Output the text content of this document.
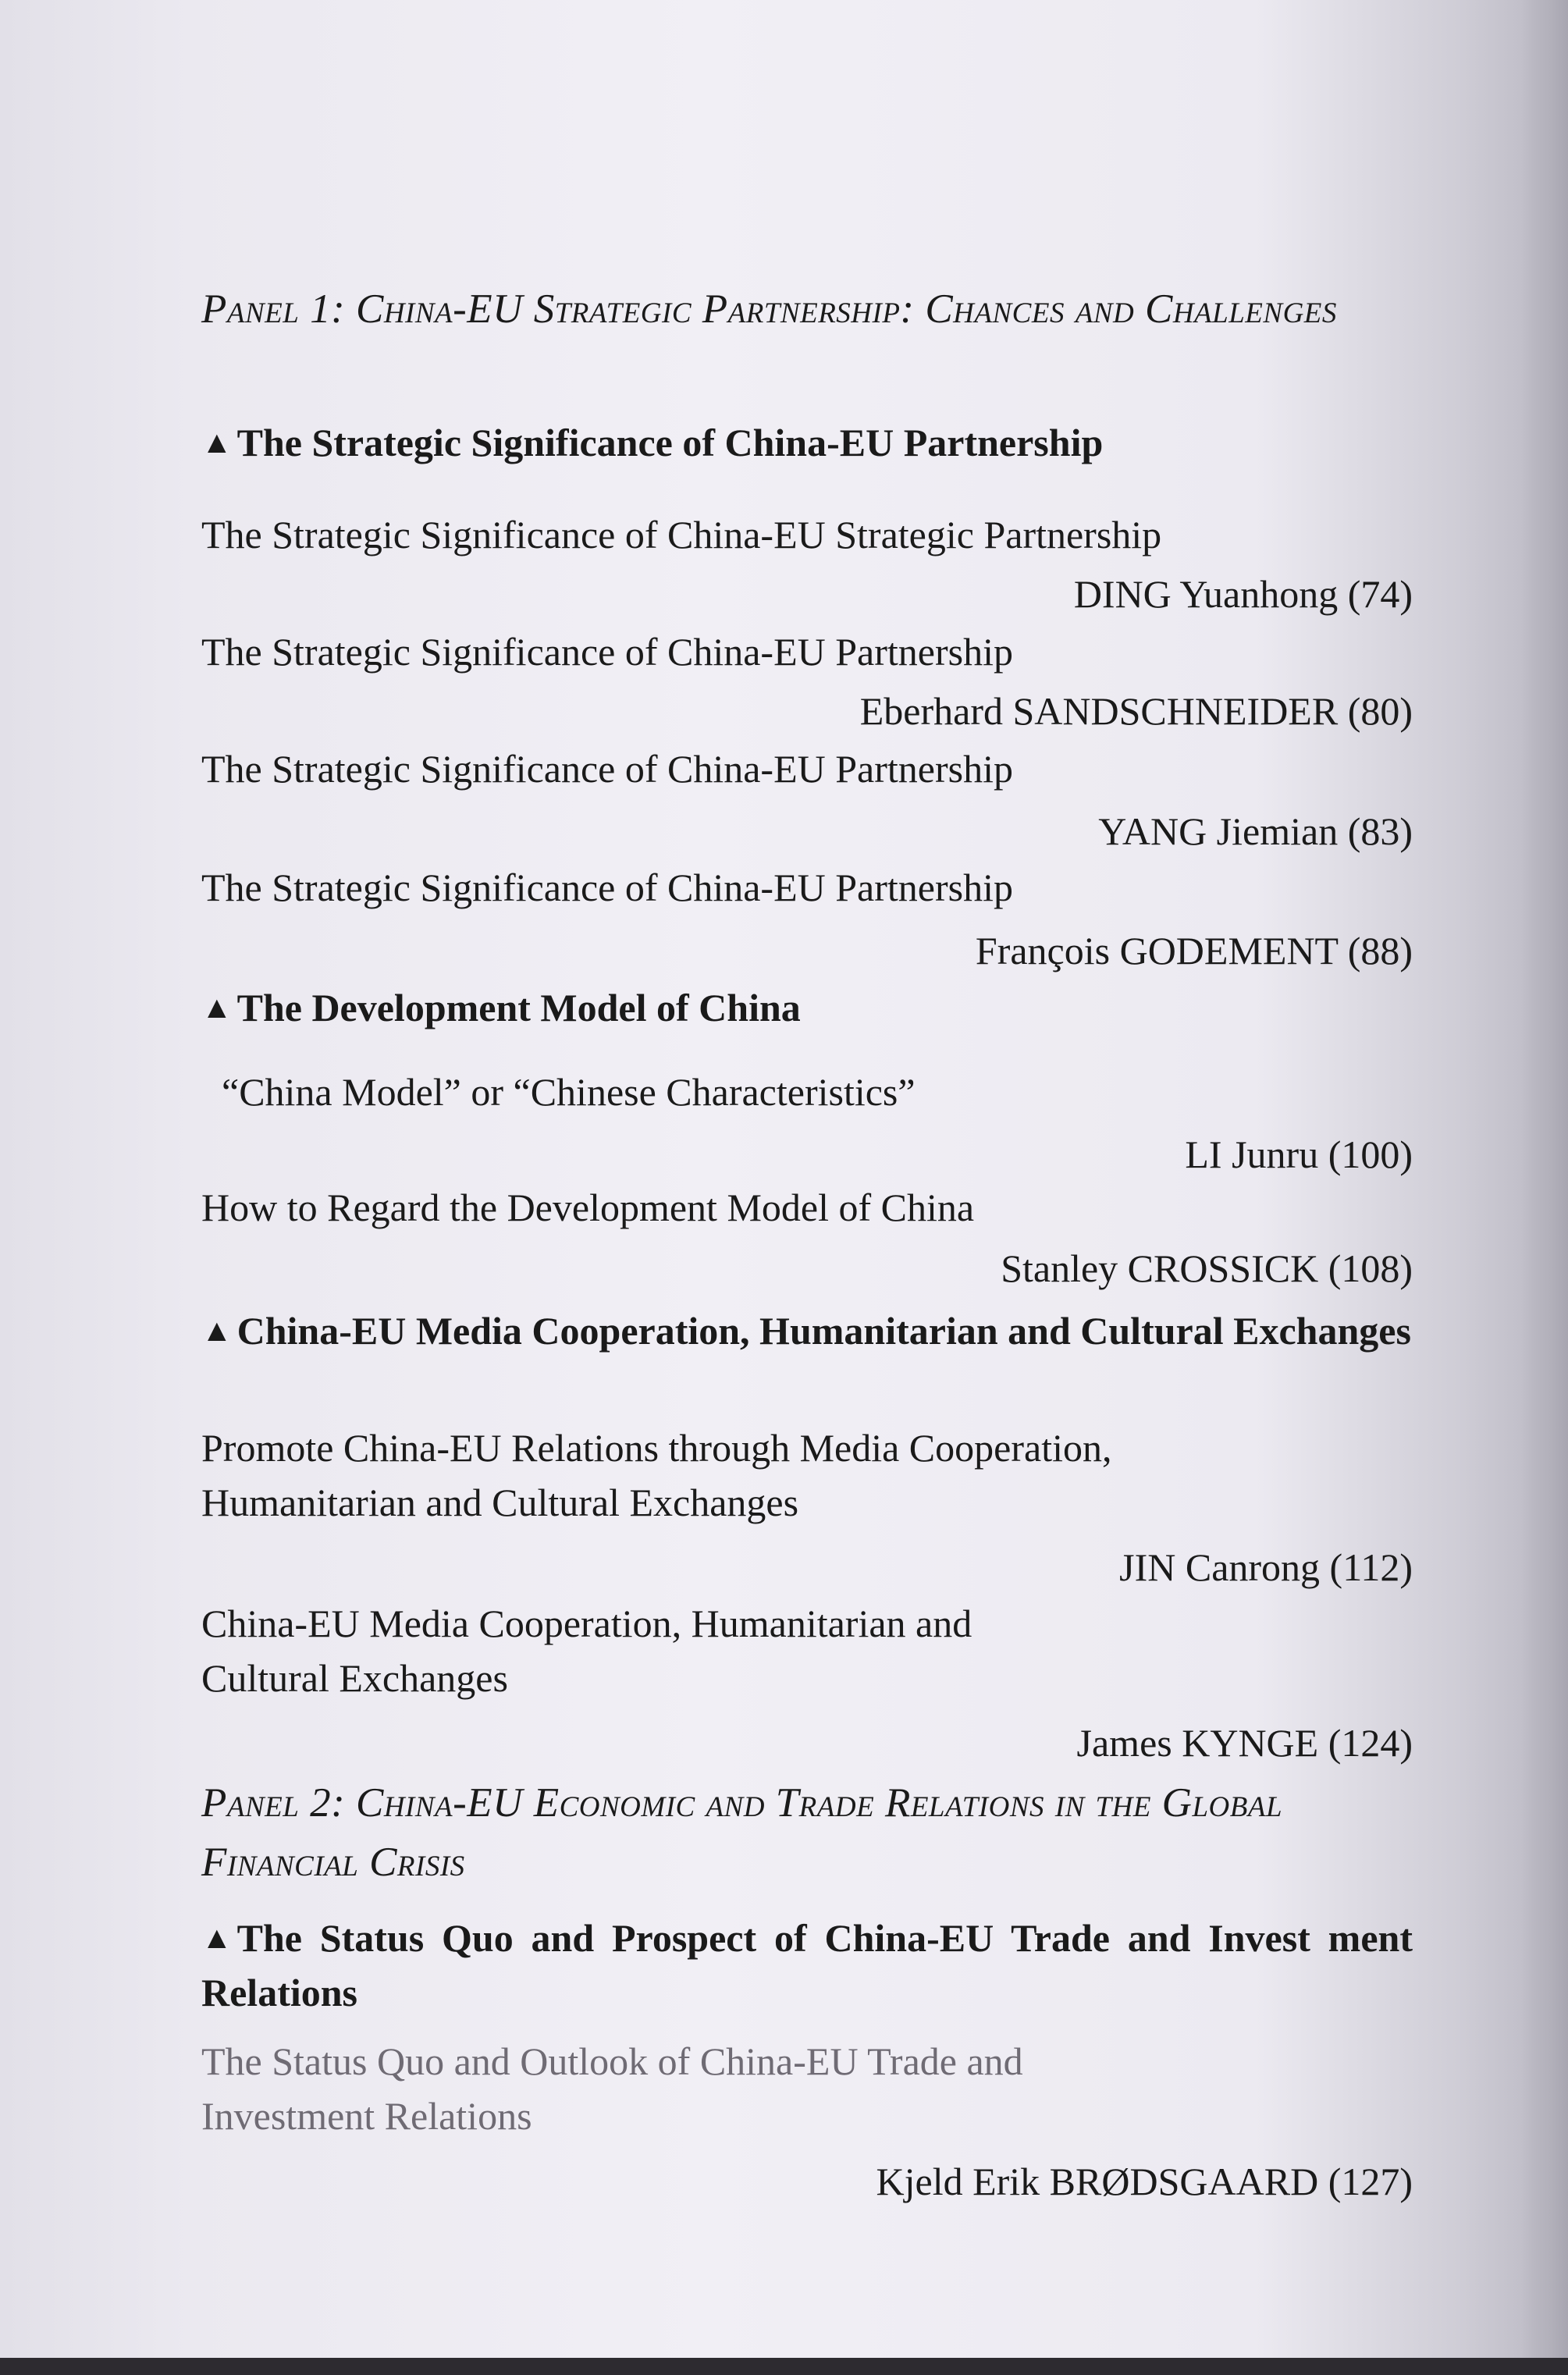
Panel 1: China-EU Strategic Partnership: Chances and Challenges
▲ The Strategic Significance of China-EU Partnership
The Strategic Significance of China-EU Strategic Partnership
DING Yuanhong (74)
The Strategic Significance of China-EU Partnership
Eberhard SANDSCHNEIDER (80)
The Strategic Significance of China-EU Partnership
YANG Jiemian (83)
The Strategic Significance of China-EU Partnership
François GODEMENT (88)
▲ The Development Model of China
“China Model” or “Chinese Characteristics”
LI Junru (100)
How to Regard the Development Model of China
Stanley CROSSICK (108)
▲ China-EU Media Cooperation, Humanitarian and Cultural Exchanges
Promote China-EU Relations through Media Cooperation,
Humanitarian and Cultural Exchanges
JIN Canrong (112)
China-EU Media Cooperation, Humanitarian and
Cultural Exchanges
James KYNGE (124)
Panel 2: China-EU Economic and Trade Relations in the Global Financial Crisis
▲ The Status Quo and Prospect of China-EU Trade and Invest ment Relations
The Status Quo and Outlook of China-EU Trade and
Investment Relations
Kjeld Erik BRØDSGAARD (127)
